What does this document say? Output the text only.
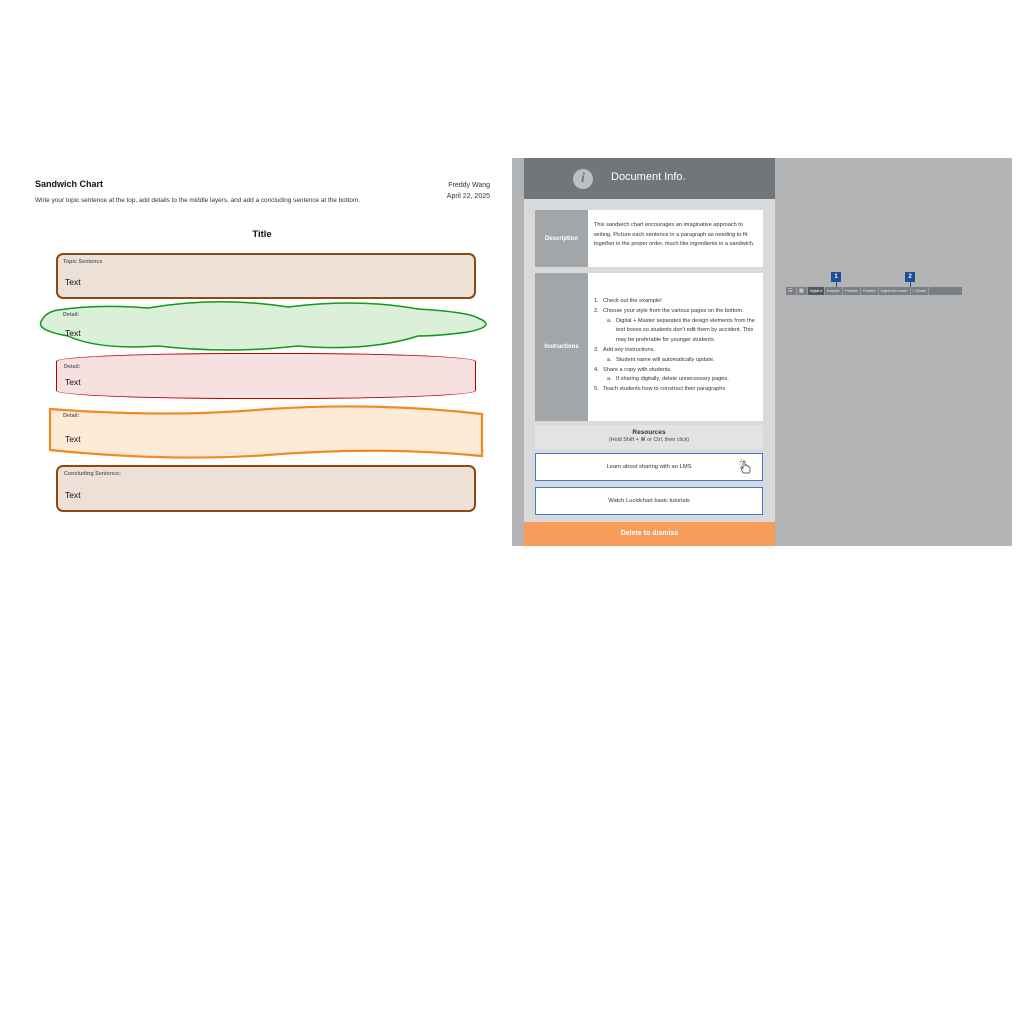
Sandwich Chart
Write your topic sentence at the top, add details to the middle layers, and add a concluding sentence at the bottom.
Freddy Wang
April 22, 2025
Title
Topic Sentence
Text
Detail:
Text
Detail:
Text
Detail:
Text
Concluding Sentence:
Text
i	Document Info.
Description
This sandwich chart encourages an imaginative approach to writing. Picture each sentence in a paragraph as needing to fit together in the proper order, much like ingredients in a sandwich.
Instructions
1. Check out the example!
2. Choose your style from the various pages on the bottom.
a. Digital + Master separates the design elements from the text boxes so students don't edit them by accident. This may be preferable for younger students.
3. Add any instructions.
a. Student name will automatically update.
4. Share a copy with students.
a. If sharing digitally, delete unnecessary pages.
5. Teach students how to construct their paragraphs.
Resources
(Hold Shift + ⌘ or Ctrl, then click)
Learn about sharing with an LMS
Watch Lucidchart basic tutorials
Delete to dismiss
1	2
☰	▦	Digital ▾	Example	Printable	Printable	Digital with master	☐ Master
